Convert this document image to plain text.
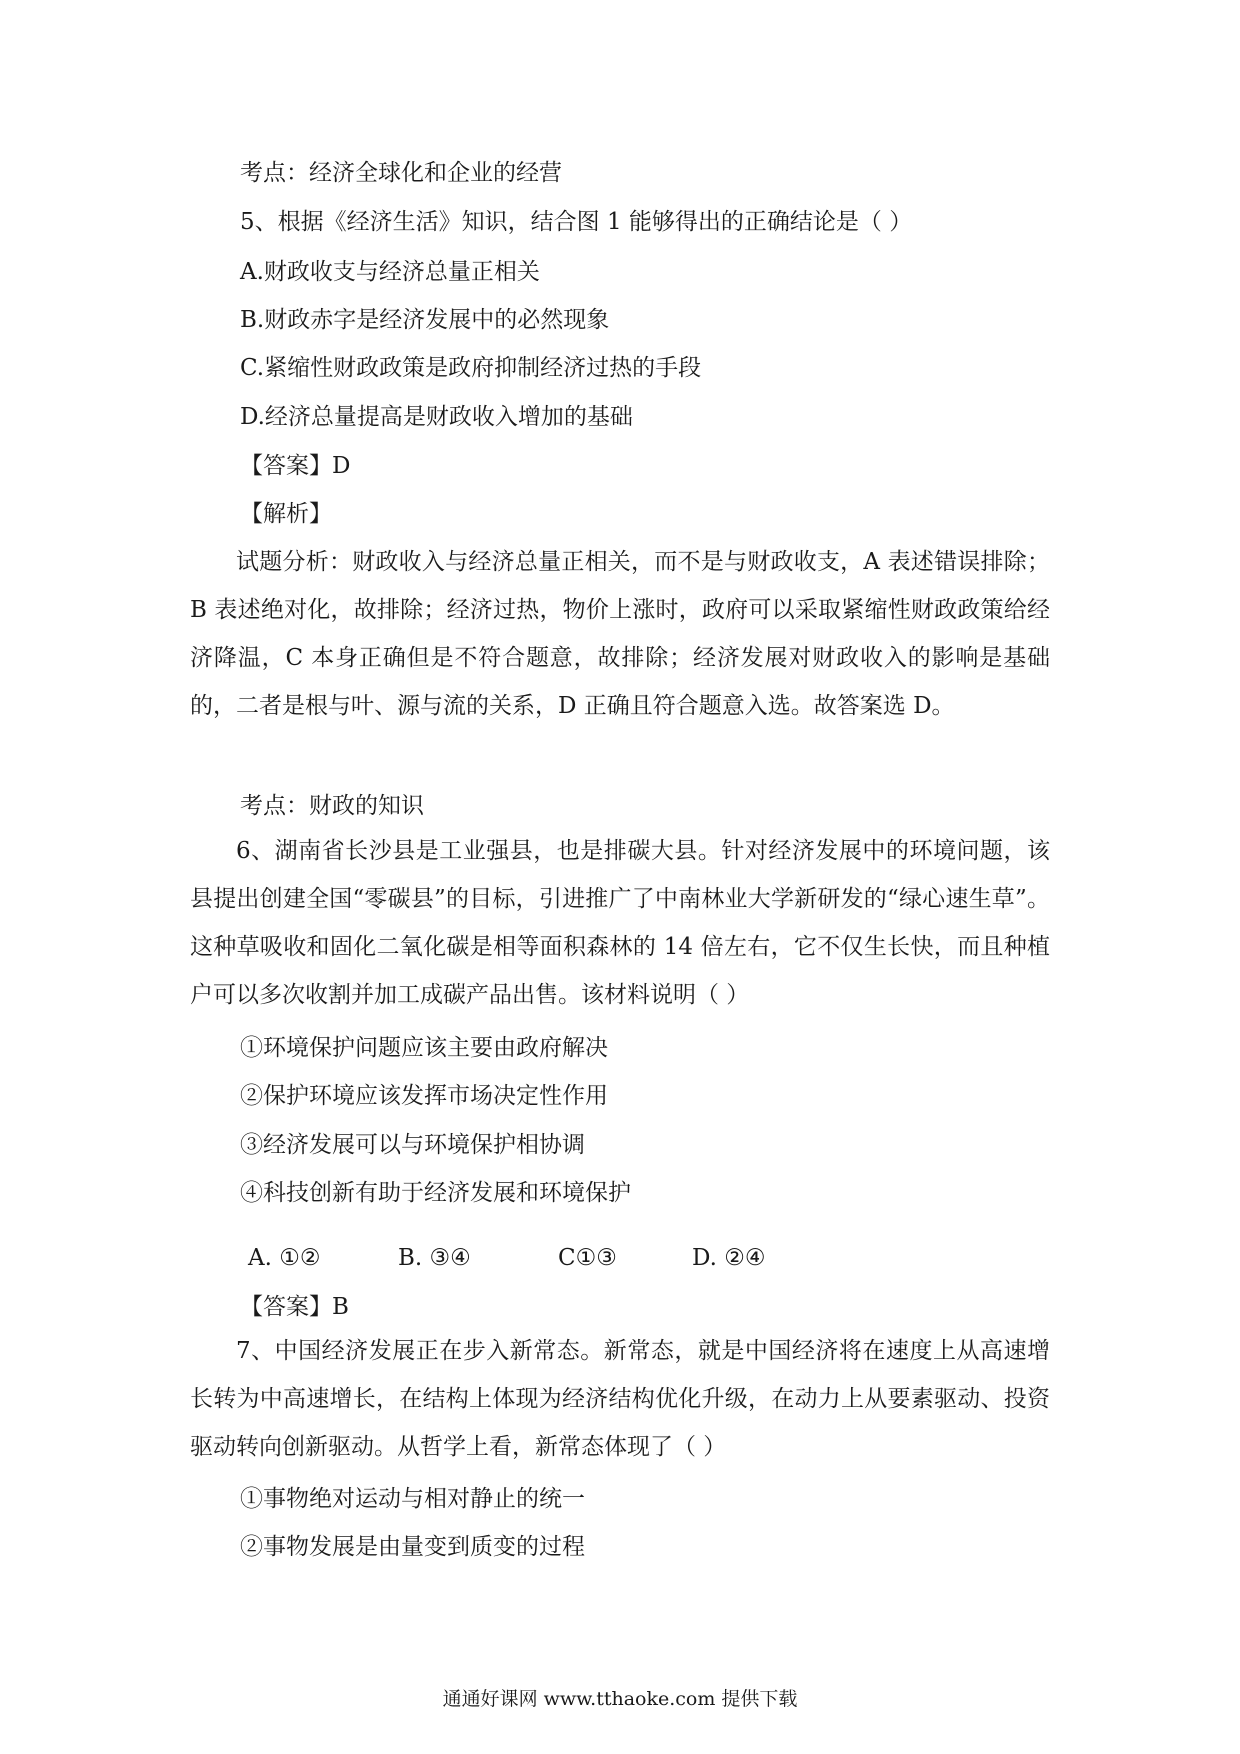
考点：经济全球化和企业的经营
5、根据《经济生活》知识，结合图 1 能够得出的正确结论是（ ）
A.财政收支与经济总量正相关
B.财政赤字是经济发展中的必然现象
C.紧缩性财政政策是政府抑制经济过热的手段
D.经济总量提高是财政收入增加的基础
【答案】D
【解析】
试题分析：财政收入与经济总量正相关，而不是与财政收支，A 表述错误排除；B 表述绝对化，故排除；经济过热，物价上涨时，政府可以采取紧缩性财政政策给经济降温，C 本身正确但是不符合题意，故排除；经济发展对财政收入的影响是基础的，二者是根与叶、源与流的关系，D 正确且符合题意入选。故答案选 D。
考点：财政的知识
6、湖南省长沙县是工业强县，也是排碳大县。针对经济发展中的环境问题，该县提出创建全国“零碳县”的目标，引进推广了中南林业大学新研发的“绿心速生草”。这种草吸收和固化二氧化碳是相等面积森林的 14 倍左右，它不仅生长快，而且种植户可以多次收割并加工成碳产品出售。该材料说明（ ）
①环境保护问题应该主要由政府解决
②保护环境应该发挥市场决定性作用
③经济发展可以与环境保护相协调
④科技创新有助于经济发展和环境保护
A. ①②	B. ③④	C①③	D. ②④
【答案】B
7、中国经济发展正在步入新常态。新常态，就是中国经济将在速度上从高速增长转为中高速增长，在结构上体现为经济结构优化升级，在动力上从要素驱动、投资驱动转向创新驱动。从哲学上看，新常态体现了（ ）
①事物绝对运动与相对静止的统一
②事物发展是由量变到质变的过程
通通好课网 www.tthaoke.com 提供下载
